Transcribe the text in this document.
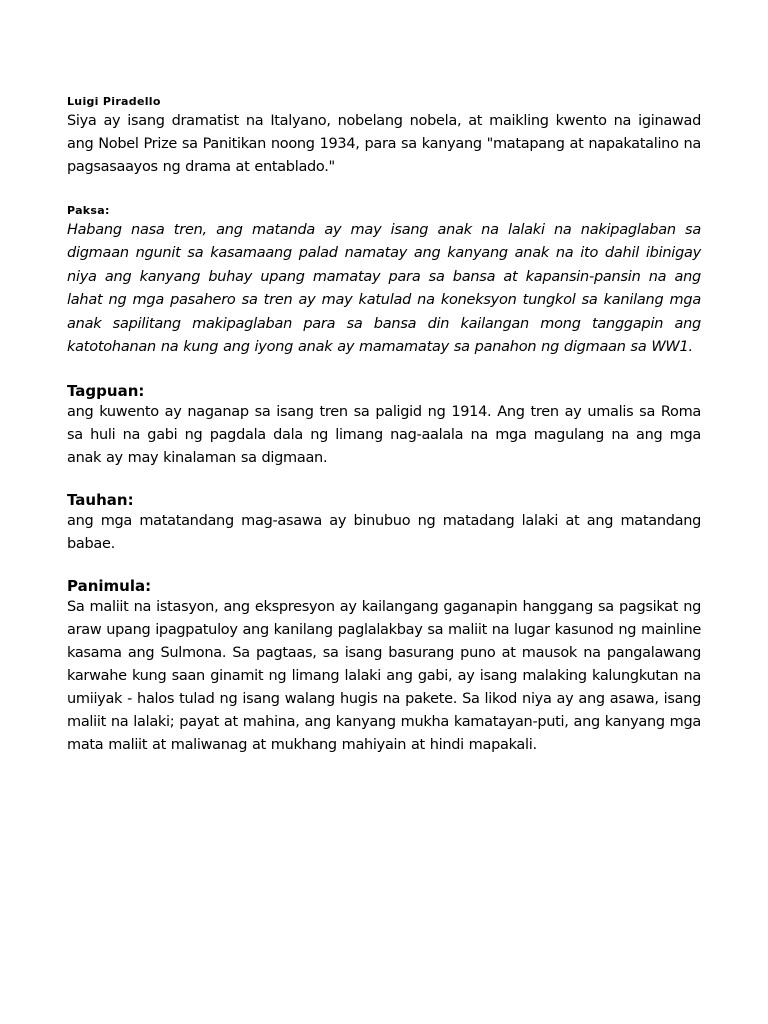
Luigi Piradello

Siya ay isang dramatist na Italyano, nobelang nobela, at maikling kwento na iginawad ang Nobel Prize sa Panitikan noong 1934, para sa kanyang "matapang at napakatalino na pagsasaayos ng drama at entablado."

Paksa:

Habang nasa tren, ang matanda ay may isang anak na lalaki na nakipaglaban sa digmaan ngunit sa kasamaang palad namatay ang kanyang anak na ito dahil ibinigay niya ang kanyang buhay upang mamatay para sa bansa at kapansin-pansin na ang lahat ng mga pasahero sa tren ay may katulad na koneksyon tungkol sa kanilang mga anak sapilitang makipaglaban para sa bansa din kailangan mong tanggapin ang katotohanan na kung ang iyong anak ay mamamatay sa panahon ng digmaan sa WW1.

Tagpuan:

ang kuwento ay naganap sa isang tren sa paligid ng 1914. Ang tren ay umalis sa Roma sa huli na gabi ng pagdala dala ng limang nag-aalala na mga magulang na ang mga anak ay may kinalaman sa digmaan.

Tauhan:

ang mga matatandang mag-asawa ay binubuo ng matadang lalaki at ang matandang babae.

Panimula:

Sa maliit na istasyon, ang ekspresyon ay kailangang gaganapin hanggang sa pagsikat ng araw upang ipagpatuloy ang kanilang paglalakbay sa maliit na lugar kasunod ng mainline kasama ang Sulmona. Sa pagtaas, sa isang basurang puno at mausok na pangalawang karwahe kung saan ginamit ng limang lalaki ang gabi, ay isang malaking kalungkutan na umiiyak - halos tulad ng isang walang hugis na pakete. Sa likod niya ay ang asawa, isang maliit na lalaki; payat at mahina, ang kanyang mukha kamatayan-puti, ang kanyang mga mata maliit at maliwanag at mukhang mahiyain at hindi mapakali.
